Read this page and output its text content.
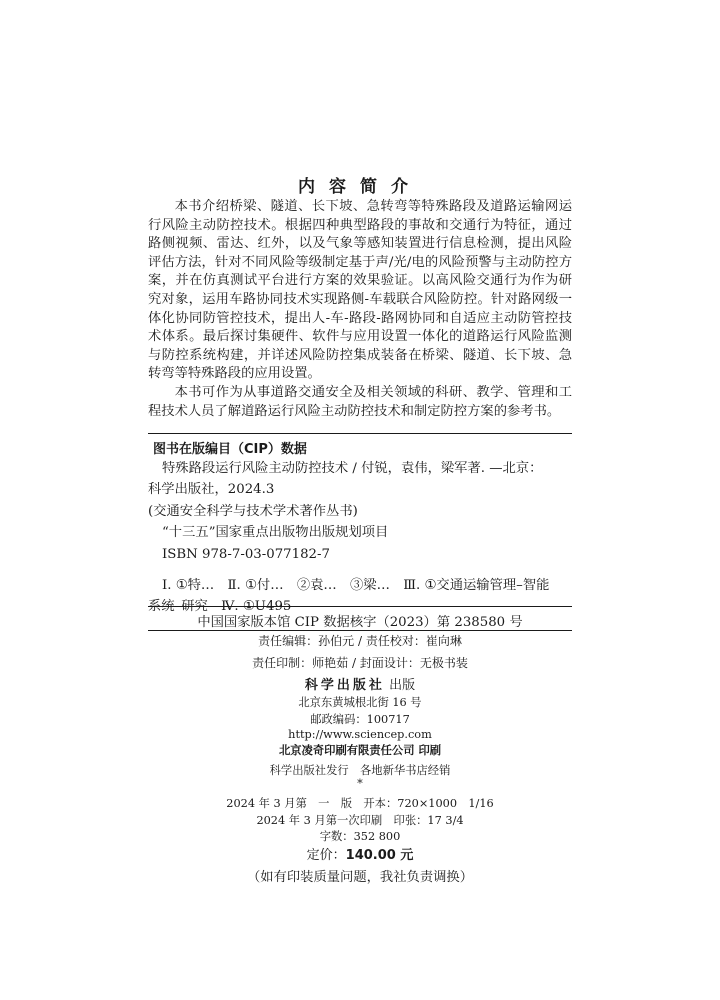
内容简介

本书介绍桥梁、隧道、长下坡、急转弯等特殊路段及道路运输网运行风险主动防控技术。根据四种典型路段的事故和交通行为特征，通过路侧视频、雷达、红外，以及气象等感知装置进行信息检测，提出风险评估方法，针对不同风险等级制定基于声/光/电的风险预警与主动防控方案，并在仿真测试平台进行方案的效果验证。以高风险交通行为作为研究对象，运用车路协同技术实现路侧-车载联合风险防控。针对路网级一体化协同防管控技术，提出人-车-路段-路网协同和自适应主动防管控技术体系。最后探讨集硬件、软件与应用设置一体化的道路运行风险监测与防控系统构建，并详述风险防控集成装备在桥梁、隧道、长下坡、急转弯等特殊路段的应用设置。

本书可作为从事道路交通安全及相关领域的科研、教学、管理和工程技术人员了解道路运行风险主动防控技术和制定防控方案的参考书。

图书在版编目（CIP）数据
特殊路段运行风险主动防控技术 / 付锐，袁伟，梁军著. —北京：
科学出版社，2024.3
(交通安全科学与技术学术著作丛书)
“十三五”国家重点出版物出版规划项目
ISBN 978-7-03-077182-7
Ⅰ. ①特…　Ⅱ. ①付…　②袁…　③梁…　Ⅲ. ①交通运输管理–智能
系统–研究　Ⅳ. ①U495
中国国家版本馆 CIP 数据核字（2023）第 238580 号
责任编辑：孙伯元 / 责任校对：崔向琳
责任印制：师艳茹 / 封面设计：无极书装
科学出版社 出版
北京东黄城根北街 16 号
邮政编码：100717
http://www.sciencep.com
北京凌奇印刷有限责任公司 印刷
科学出版社发行　各地新华书店经销
*
2024 年 3 月第　一　版　开本：720×1000　1/16
2024 年 3 月第一次印刷　印张：17 3/4
字数：352 800
定价：140.00 元
（如有印装质量问题，我社负责调换）
